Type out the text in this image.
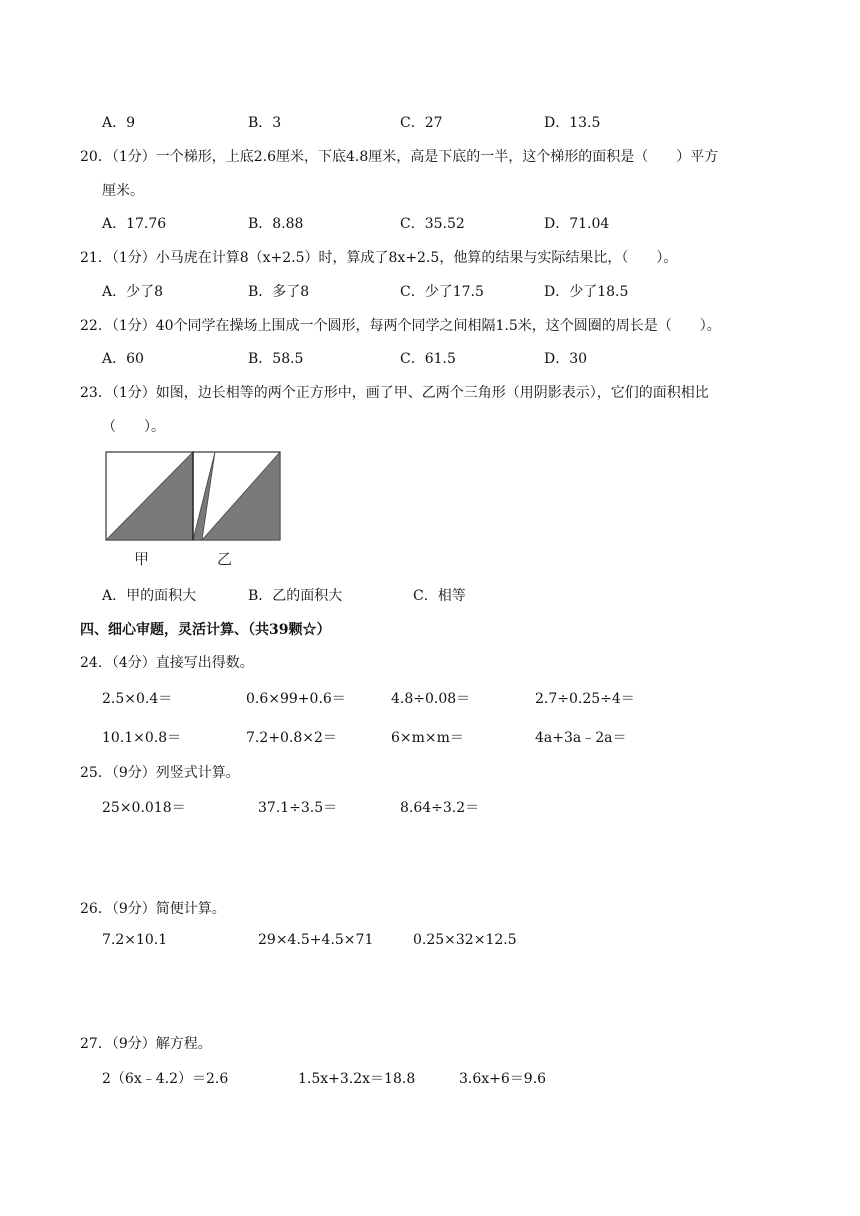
A．9	B．3	C．27	D．13.5
20．（1分）一个梯形，上底2.6厘米，下底4.8厘米，高是下底的一半，这个梯形的面积是（　　）平方
厘米。
A．17.76	B．8.88	C．35.52	D．71.04
21．（1分）小马虎在计算8（x+2.5）时，算成了8x+2.5，他算的结果与实际结果比，（　　）。
A．少了8	B．多了8	C．少了17.5	D．少了18.5
22．（1分）40个同学在操场上围成一个圆形，每两个同学之间相隔1.5米，这个圆圈的周长是（　　）。
A．60	B．58.5	C．61.5	D．30
23．（1分）如图，边长相等的两个正方形中，画了甲、乙两个三角形（用阴影表示），它们的面积相比
（　　）。
甲	乙
A．甲的面积大	B．乙的面积大	C．相等
四、细心审题，灵活计算、（共39颗☆）
24．（4分）直接写出得数。
2.5×0.4＝	0.6×99+0.6＝	4.8÷0.08＝	2.7÷0.25÷4＝
10.1×0.8＝	7.2+0.8×2＝	6×m×m＝	4a+3a﹣2a＝
25．（9分）列竖式计算。
25×0.018＝	37.1÷3.5＝	8.64÷3.2＝
26．（9分）简便计算。
7.2×10.1	29×4.5+4.5×71	0.25×32×12.5
27．（9分）解方程。
2（6x﹣4.2）＝2.6	1.5x+3.2x＝18.8	3.6x+6＝9.6
